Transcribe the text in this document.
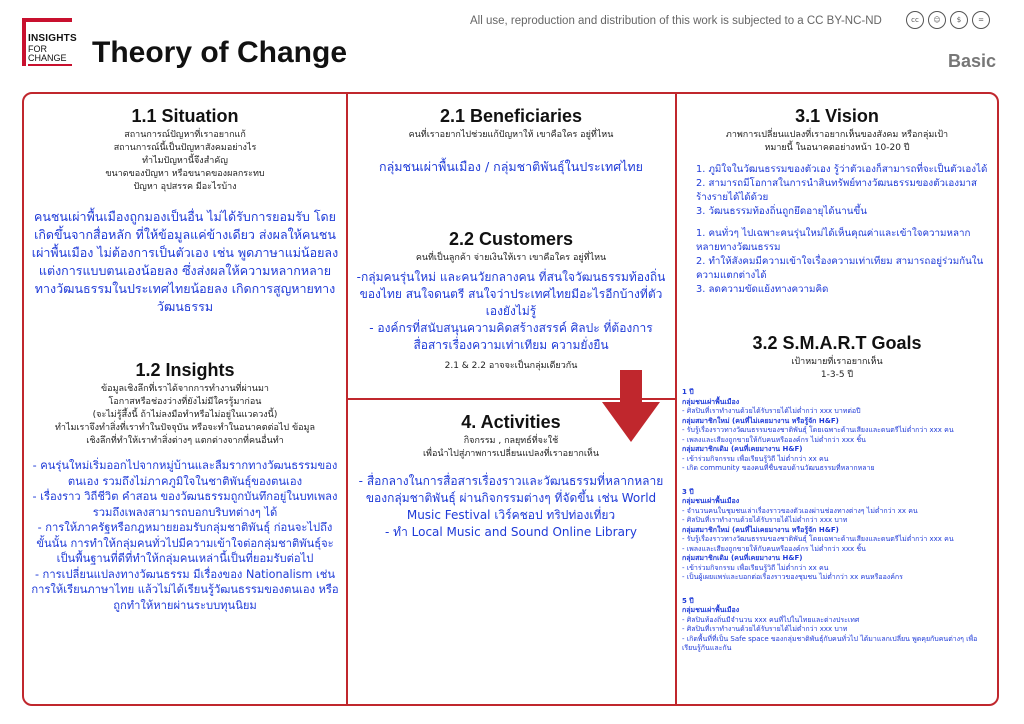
INSIGHTS
FOR
CHANGE Theory of Change
All use, reproduction and distribution of this work is subjected to a CC BY-NC-ND	cc	☺	$	=
Basic
1.1 Situation
สถานการณ์ปัญหาที่เราอยากแก้
สถานการณ์นี้เป็นปัญหาสังคมอย่างไร
ทำไมปัญหานี้จึงสำคัญ
ขนาดของปัญหา หรือขนาดของผลกระทบ
ปัญหา อุปสรรค มีอะไรบ้าง
คนชนเผ่าพื้นเมืองถูกมองเป็นอื่น ไม่ได้รับการยอมรับ โดยเกิดขึ้นจากสื่อหลัก ที่ให้ข้อมูลแค่ข้างเดียว ส่งผลให้คนชนเผ่าพื้นเมือง ไม่ต้องการเป็นตัวเอง เช่น พูดภาษาแม่น้อยลง แต่งการแบบตนเองน้อยลง ซึ่งส่งผลให้ความหลากหลายทางวัฒนธรรมในประเทศไทยน้อยลง เกิดการสูญหายทางวัฒนธรรม
1.2 Insights
ข้อมูลเชิงลึกที่เราได้จากการทำงานที่ผ่านมา
โอกาสหรือช่องว่างที่ยังไม่มีใครรู้มาก่อน
(จะไม่รู้สึ้งนี้ ถ้าไม่ลงมือทำหรือไม่อยู่ในแวดวงนี้)
ทำไมเราจึงทำสิ่งที่เราทำในปัจจุบัน หรือจะทำในอนาคตต่อไป ข้อมูล
เชิงลึกที่ทำให้เราทำสิ่งต่างๆ แตกต่างจากที่คนอื่นทำ
- คนรุ่นใหม่เริ่มออกไปจากหมู่บ้านและลืมรากทางวัฒนธรรมของตนเอง รวมถึงไม่ภาคภูมิใจในชาติพันธุ์ของตนเอง
- เรื่องราว วิถีชีวิต คำสอน ของวัฒนธรรมถูกบันทึกอยู่ในบทเพลง รวมถึงเพลงสามารถบอกบริบทต่างๆ ได้
- การให้ภาครัฐหรือกฎหมายยอมรับกลุ่มชาติพันธุ์ ก่อนจะไปถึงขั้นนั้น การทำให้กลุ่มคนทั่วไปมีความเข้าใจต่อกลุ่มชาติพันธุ์จะเป็นพื้นฐานที่ดีที่ทำให้กลุ่มคนเหล่านี้เป็นที่ยอมรับต่อไป
- การเปลี่ยนแปลงทางวัฒนธรรม มีเรื่องของ Nationalism เช่น การให้เรียนภาษาไทย แล้วไม่ได้เรียนรู้วัฒนธรรมของตนเอง หรือถูกทำให้หายผ่านระบบทุนนิยม
2.1 Beneficiaries
คนที่เราอยากไปช่วยแก้ปัญหาให้ เขาคือใคร อยู่ที่ไหน
กลุ่มชนเผ่าพื้นเมือง / กลุ่มชาติพันธุ์ในประเทศไทย
2.2 Customers
คนที่เป็นลูกค้า จ่ายเงินให้เรา เขาคือใคร อยู่ที่ไหน
-กลุ่มคนรุ่นใหม่ และคนวัยกลางคน ที่สนใจวัฒนธรรมท้องถิ่นของไทย สนใจดนตรี สนใจว่าประเทศไทยมีอะไรอีกบ้างที่ตัวเองยังไม่รู้
- องค์กรที่สนับสนุนความคิดสร้างสรรค์ ศิลปะ ที่ต้องการสื่อสารเรื่องความเท่าเทียม ความยั่งยืน
2.1 & 2.2 อาจจะเป็นกลุ่มเดียวกัน
4. Activities
กิจกรรม , กลยุทธ์ที่จะใช้
เพื่อนำไปสู่ภาพการเปลี่ยนแปลงที่เราอยากเห็น
- สื่อกลางในการสื่อสารเรื่องราวและวัฒนธรรมที่หลากหลายของกลุ่มชาติพันธุ์ ผ่านกิจกรรมต่างๆ ที่จัดขึ้น เช่น World Music Festival เวิร์คชอป ทริปท่องเที่ยว
- ทำ Local Music and Sound Online Library
3.1 Vision
ภาพการเปลี่ยนแปลงที่เราอยากเห็นของสังคม หรือกลุ่มเป้า
หมายนี้ ในอนาคตอย่างหน้า 10-20 ปี
1. ภูมิใจในวัฒนธรรมของตัวเอง รู้ว่าตัวเองก็สามารถที่จะเป็นตัวเองได้
2. สามารถมีโอกาสในการนำสินทรัพย์ทางวัฒนธรรมของตัวเองมาสร้างรายได้ได้ด้วย
3. วัฒนธรรมท้องถิ่นถูกยึดอายุได้นานขึ้น
1. คนทั่วๆ ไปเฉพาะคนรุ่นใหม่ได้เห็นคุณค่าและเข้าใจความหลากหลายทางวัฒนธรรม
2. ทำให้สังคมมีความเข้าใจเรื่องความเท่าเทียม สามารถอยู่ร่วมกันในความแตกต่างได้
3. ลดความขัดแย้งทางความคิด
3.2 S.M.A.R.T Goals
เป้าหมายที่เราอยากเห็น
1-3-5 ปี
1 ปี
กลุ่มชนเผ่าพื้นเมือง
- ศิลปินที่เราทำงานด้วยได้รับรายได้ไม่ต่ำกว่า xxx บาทต่อปี
กลุ่มสมาชิกใหม่ (คนที่ไม่เคยมางาน หรือรู้จัก H&F)
- รับรู้เรื่องราวทางวัฒนธรรมของชาติพันธุ์ โดยเฉพาะด้านเสียงและดนตรีไม่ต่ำกว่า xxx คน
- เพลงและเสียงถูกขายให้กับคนหรือองค์กร ไม่ต่ำกว่า xxx ชิ้น
กลุ่มสมาชิกเดิม (คนที่เคยมางาน H&F)
- เข้าร่วมกิจกรรม เพื่อเรียนรู้วิถี ไม่ต่ำกว่า xx คน
- เกิด community ของคนที่ชื่นชอบด้านวัฒนธรรมที่หลากหลาย
3 ปี
กลุ่มชนเผ่าพื้นเมือง
- จำนวนคนในชุมชนเล่าเรื่องราวของตัวเองผ่านช่องทางต่างๆ ไม่ต่ำกว่า xx คน
- ศิลปินที่เราทำงานด้วยได้รับรายได้ไม่ต่ำกว่า xxx บาท
กลุ่มสมาชิกใหม่ (คนที่ไม่เคยมางาน หรือรู้จัก H&F)
- รับรู้เรื่องราวทางวัฒนธรรมของชาติพันธุ์ โดยเฉพาะด้านเสียงและดนตรีไม่ต่ำกว่า xxx คน
- เพลงและเสียงถูกขายให้กับคนหรือองค์กร ไม่ต่ำกว่า xxx ชิ้น
กลุ่มสมาชิกเดิม (คนที่เคยมางาน H&F)
- เข้าร่วมกิจกรรม เพื่อเรียนรู้วิถี ไม่ต่ำกว่า xx คน
- เป็นผู้เผยแพร่และบอกต่อเรื่องราวของชุมชน ไม่ต่ำกว่า xx คนหรือองค์กร
5 ปี
กลุ่มชนเผ่าพื้นเมือง
- ศิลปินท้องถิ่นมีจำนวน xxx คนที่ไปในไทยและต่างประเทศ
- ศิลปินที่เราทำงานด้วยได้รับรายได้ไม่ต่ำกว่า xxx บาท
- เกิดพื้นที่ที่เป็น Safe space ของกลุ่มชาติพันธุ์กับคนทั่วไป ได้มาแลกเปลี่ยน พูดคุยกับคนต่างๆ เพื่อเรียนรู้กันและกัน
